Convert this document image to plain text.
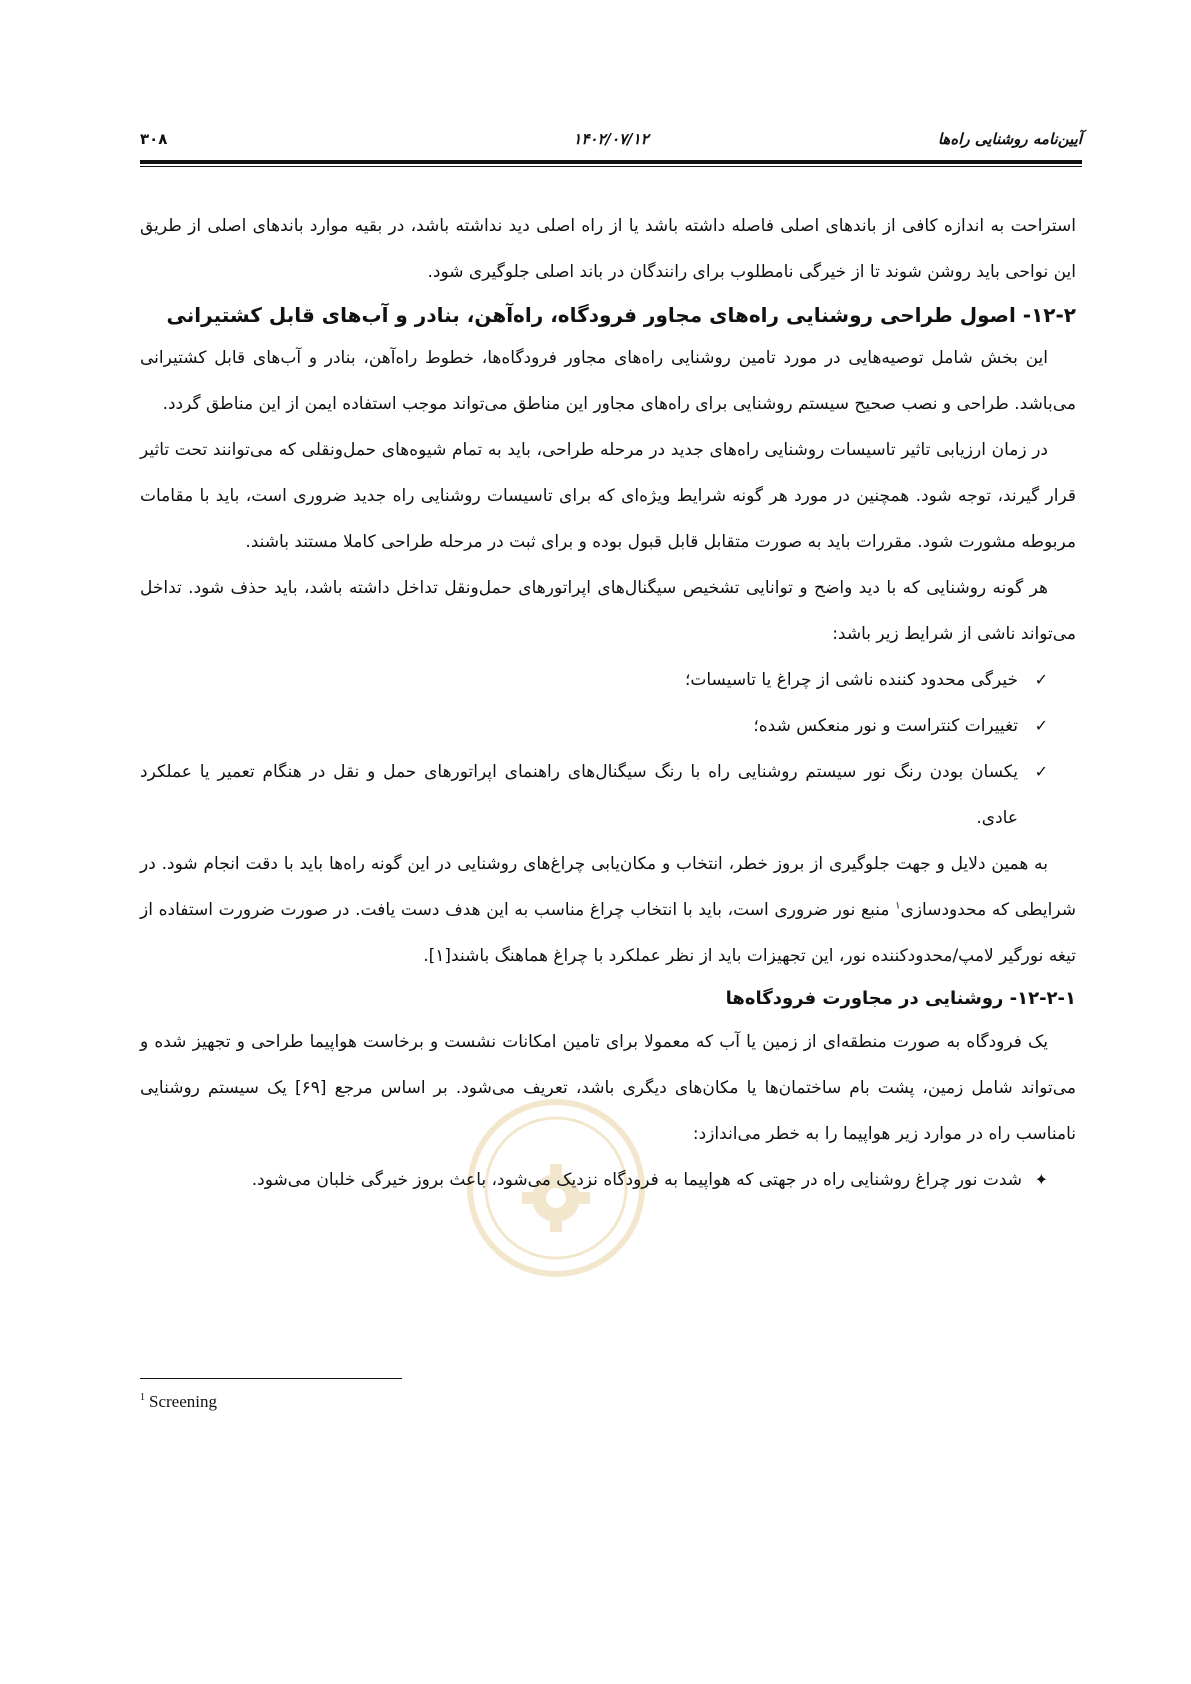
آیین‌نامه روشنایی راه‌ها
۱۴۰۲/۰۷/۱۲
۳۰۸

استراحت به اندازه کافی از باندهای اصلی فاصله داشته باشد یا از راه اصلی دید نداشته باشد، در بقیه موارد باندهای اصلی از طریق این نواحی باید روشن شوند تا از خیرگی نامطلوب برای رانندگان در باند اصلی جلوگیری شود.

۱۲-۲- اصول طراحی روشنایی راه‌های مجاور فرودگاه، راه‌آهن، بنادر و آب‌های قابل کشتیرانی

این بخش شامل توصیه‌هایی در مورد تامین روشنایی راه‌های مجاور فرودگاه‌ها، خطوط راه‌آهن، بنادر و آب‌های قابل کشتیرانی می‌باشد. طراحی و نصب صحیح سیستم روشنایی برای راه‌های مجاور این مناطق می‌تواند موجب استفاده ایمن از این مناطق گردد.

در زمان ارزیابی تاثیر تاسیسات روشنایی راه‌های جدید در مرحله طراحی، باید به تمام شیوه‌های حمل‌ونقلی که می‌توانند تحت تاثیر قرار گیرند، توجه شود. همچنین در مورد هر گونه شرایط ویژه‌ای که برای تاسیسات روشنایی راه جدید ضروری است، باید با مقامات مربوطه مشورت شود. مقررات باید به صورت متقابل قابل قبول بوده و برای ثبت در مرحله طراحی کاملا مستند باشند.

هر گونه روشنایی که با دید واضح و توانایی تشخیص سیگنال‌های اپراتورهای حمل‌ونقل تداخل داشته باشد، باید حذف شود. تداخل می‌تواند ناشی از شرایط زیر باشد:

✓
خیرگی محدود کننده ناشی از چراغ یا تاسیسات؛
✓
تغییرات کنتراست و نور منعکس شده؛
✓
یکسان بودن رنگ نور سیستم روشنایی راه با رنگ سیگنال‌های راهنمای اپراتورهای حمل و نقل در هنگام تعمیر یا عملکرد عادی.

به همین دلایل و جهت جلوگیری از بروز خطر، انتخاب و مکان‌یابی چراغ‌های روشنایی در این گونه راه‌ها باید با دقت انجام شود. در شرایطی که محدودسازی$^۱$ منبع نور ضروری است، باید با انتخاب چراغ مناسب به این هدف دست یافت. در صورت ضرورت استفاده از تیغه نورگیر لامپ/محدودکننده نور، این تجهیزات باید از نظر عملکرد با چراغ هماهنگ باشند[۱].

۱۲-۲-۱- روشنایی در مجاورت فرودگاه‌ها

یک فرودگاه به صورت منطقه‌ای از زمین یا آب که معمولا برای تامین امکانات نشست و برخاست هواپیما طراحی و تجهیز شده و می‌تواند شامل زمین، پشت بام ساختمان‌ها یا مکان‌های دیگری باشد، تعریف می‌شود. بر اساس مرجع [۶۹] یک سیستم روشنایی نامناسب راه در موارد زیر هواپیما را به خطر می‌اندازد:

✦
شدت نور چراغ روشنایی راه در جهتی که هواپیما به فرودگاه نزدیک می‌شود، باعث بروز خیرگی خلبان می‌شود.
$^1$ Screening
